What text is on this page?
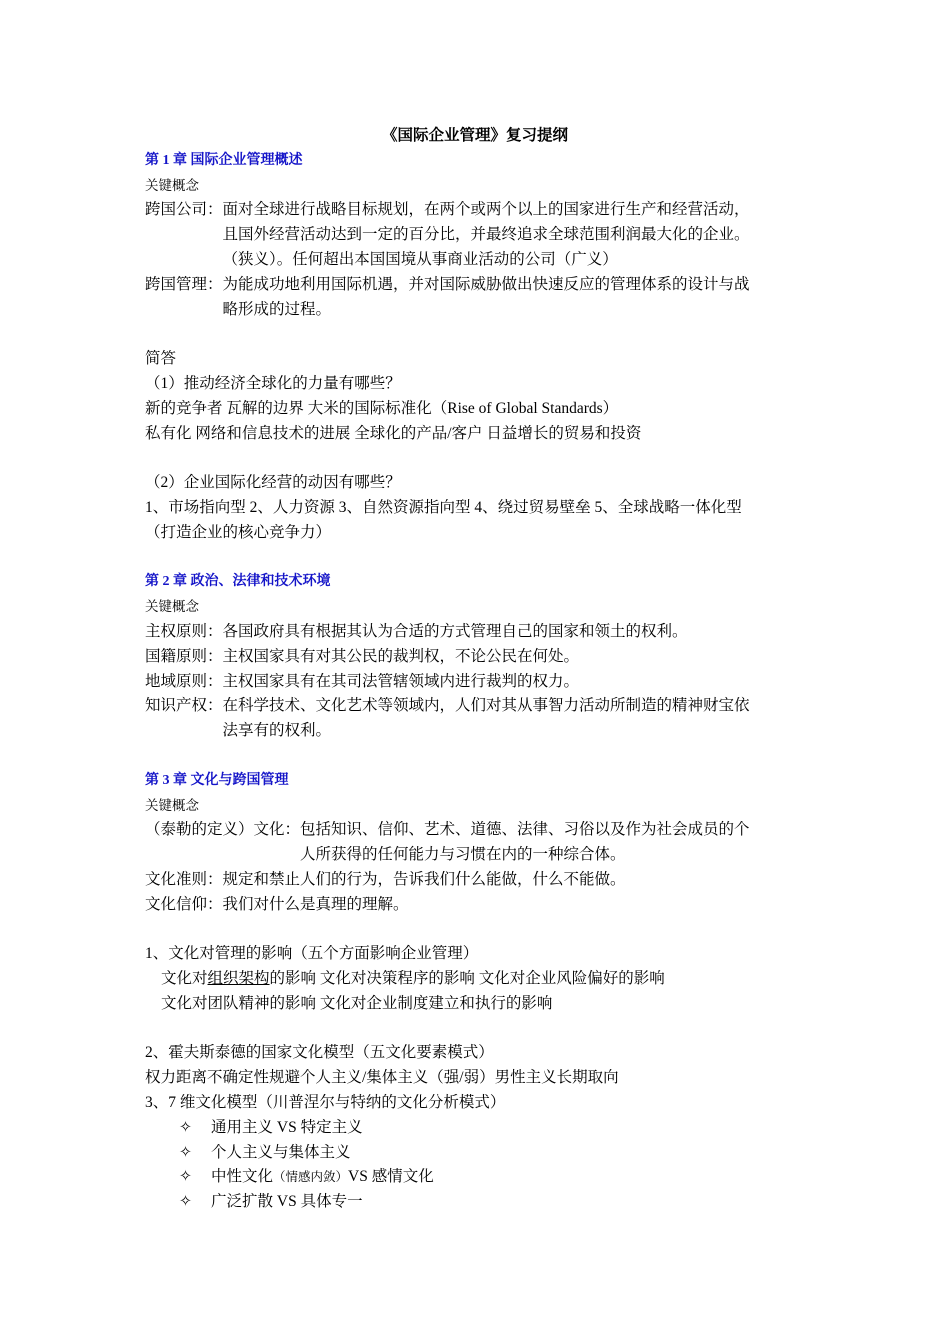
《国际企业管理》复习提纲
第 1 章 国际企业管理概述
关键概念
跨国公司： 面对全球进行战略目标规划，在两个或两个以上的国家进行生产和经营活动，
且国外经营活动达到一定的百分比，并最终追求全球范围利润最大化的企业。
（狭义）。任何超出本国国境从事商业活动的公司（广义）
跨国管理： 为能成功地利用国际机遇，并对国际威胁做出快速反应的管理体系的设计与战
略形成的过程。
简答
（1）推动经济全球化的力量有哪些？
新的竞争者 瓦解的边界 大米的国际标准化（Rise of Global Standards）
私有化 网络和信息技术的进展 全球化的产品/客户 日益增长的贸易和投资
（2）企业国际化经营的动因有哪些？
1、市场指向型 2、人力资源 3、自然资源指向型 4、绕过贸易壁垒 5、全球战略一体化型
（打造企业的核心竞争力）
第 2 章 政治、法律和技术环境
关键概念
主权原则： 各国政府具有根据其认为合适的方式管理自己的国家和领土的权利。
国籍原则： 主权国家具有对其公民的裁判权，不论公民在何处。
地域原则： 主权国家具有在其司法管辖领域内进行裁判的权力。
知识产权： 在科学技术、文化艺术等领域内，人们对其从事智力活动所制造的精神财宝依
法享有的权利。
第 3 章 文化与跨国管理
关键概念
（泰勒的定义）文化： 包括知识、信仰、艺术、道德、法律、习俗以及作为社会成员的个
人所获得的任何能力与习惯在内的一种综合体。
文化准则： 规定和禁止人们的行为，告诉我们什么能做，什么不能做。
文化信仰： 我们对什么是真理的理解。
1、文化对管理的影响（五个方面影响企业管理）
文化对组织架构的影响 文化对决策程序的影响 文化对企业风险偏好的影响
文化对团队精神的影响 文化对企业制度建立和执行的影响
2、霍夫斯泰德的国家文化模型（五文化要素模式）
权力距离不确定性规避个人主义/集体主义（强/弱）男性主义长期取向
3、7 维文化模型（川普涅尔与特纳的文化分析模式）
✧ 通用主义 VS 特定主义
✧ 个人主义与集体主义
✧ 中性文化（情感内敛）VS 感情文化
✧ 广泛扩散 VS 具体专一
